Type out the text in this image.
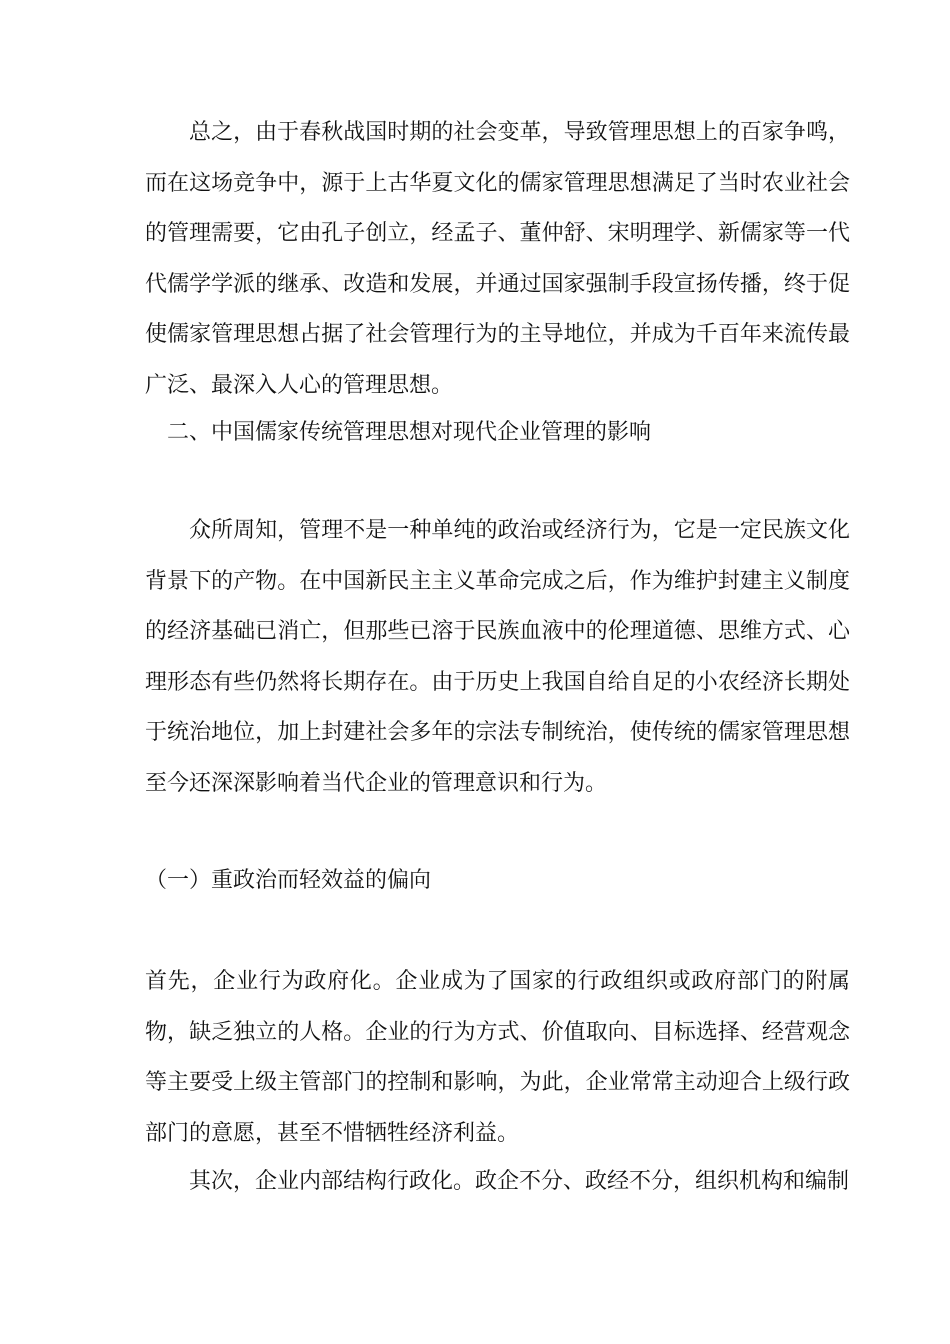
总之，由于春秋战国时期的社会变革，导致管理思想上的百家争鸣，而在这场竞争中，源于上古华夏文化的儒家管理思想满足了当时农业社会的管理需要，它由孔子创立，经孟子、董仲舒、宋明理学、新儒家等一代代儒学学派的继承、改造和发展，并通过国家强制手段宣扬传播，终于促使儒家管理思想占据了社会管理行为的主导地位，并成为千百年来流传最广泛、最深入人心的管理思想。

二、中国儒家传统管理思想对现代企业管理的影响

众所周知，管理不是一种单纯的政治或经济行为，它是一定民族文化背景下的产物。在中国新民主主义革命完成之后，作为维护封建主义制度的经济基础已消亡，但那些已溶于民族血液中的伦理道德、思维方式、心理形态有些仍然将长期存在。由于历史上我国自给自足的小农经济长期处于统治地位，加上封建社会多年的宗法专制统治，使传统的儒家管理思想至今还深深影响着当代企业的管理意识和行为。

（一）重政治而轻效益的偏向

首先，企业行为政府化。企业成为了国家的行政组织或政府部门的附属物，缺乏独立的人格。企业的行为方式、价值取向、目标选择、经营观念等主要受上级主管部门的控制和影响，为此，企业常常主动迎合上级行政部门的意愿，甚至不惜牺牲经济利益。

其次，企业内部结构行政化。政企不分、政经不分，组织机构和编制
